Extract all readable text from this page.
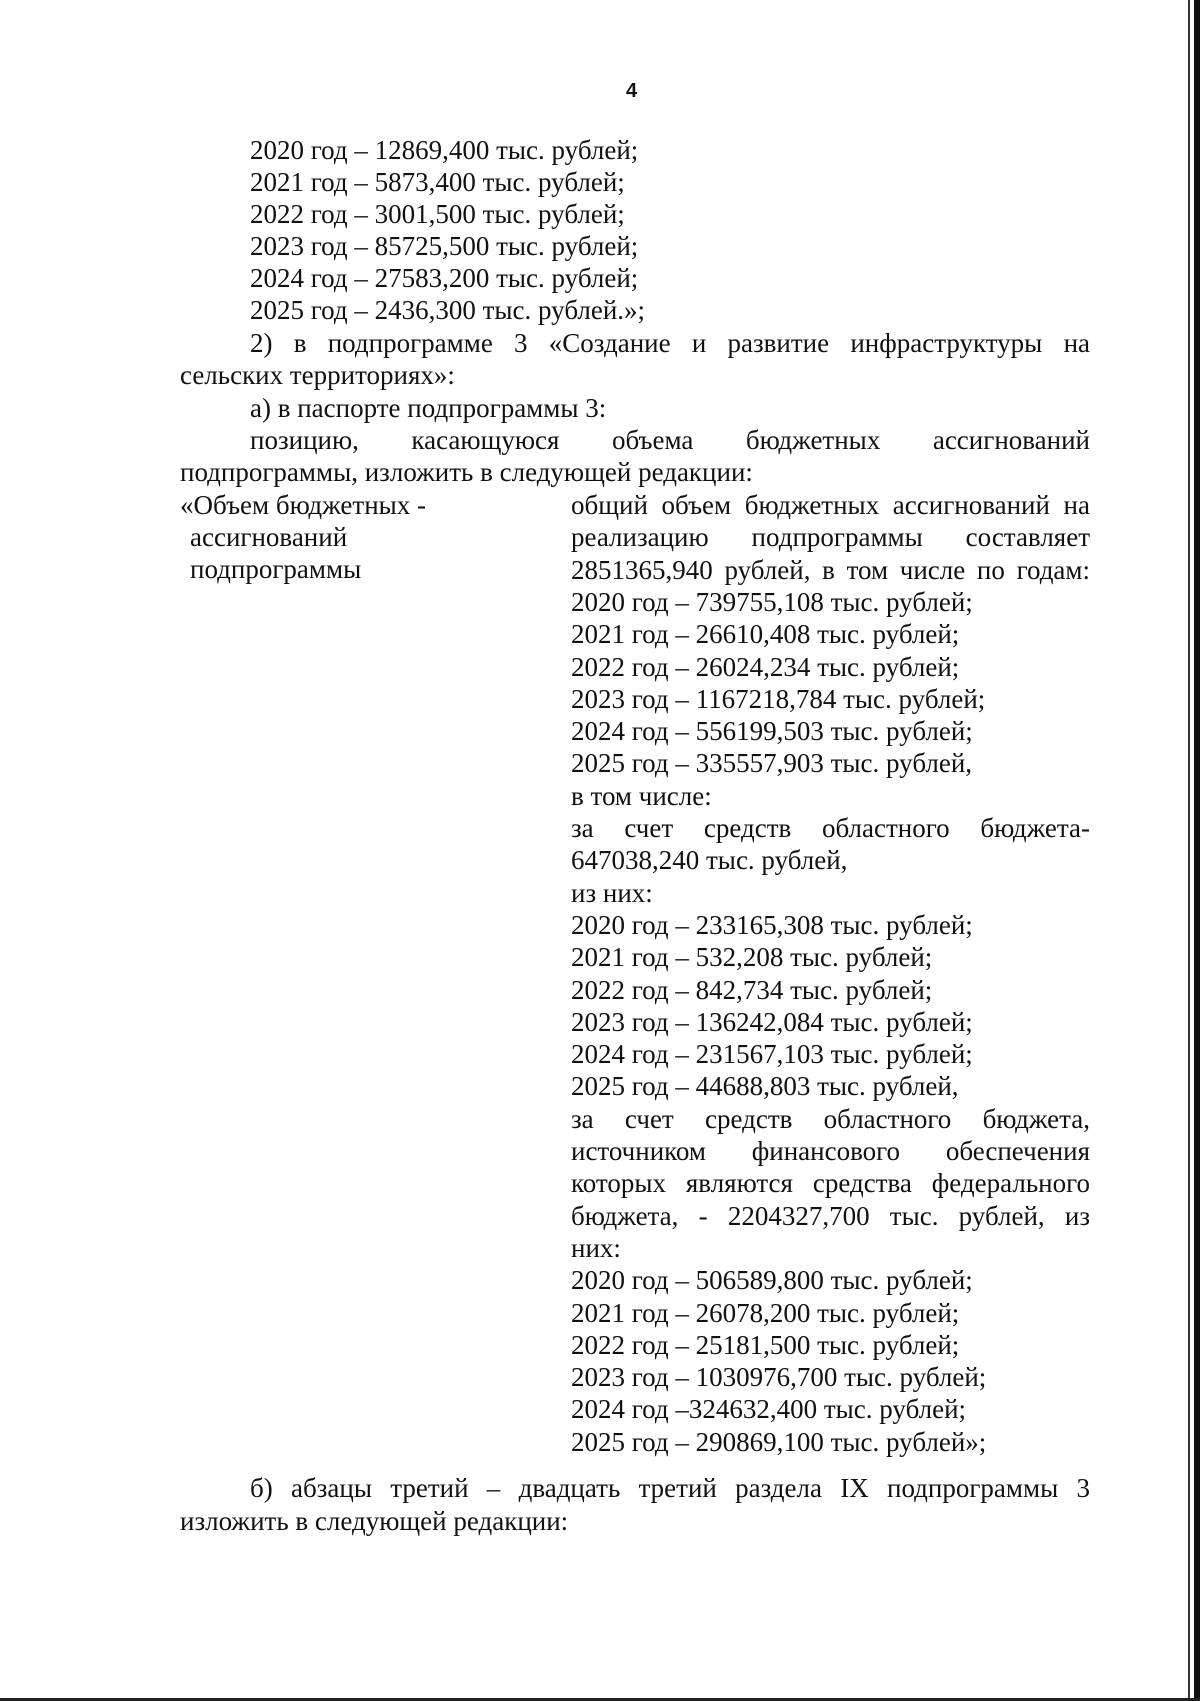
4
2020 год – 12869,400 тыс. рублей;
2021 год – 5873,400 тыс. рублей;
2022 год – 3001,500 тыс. рублей;
2023 год – 85725,500 тыс. рублей;
2024 год – 27583,200 тыс. рублей;
2025 год – 2436,300 тыс. рублей.»;
2) в подпрограмме 3 «Создание и развитие инфраструктуры на
сельских территориях»:
а) в паспорте подпрограммы 3:
позицию, касающуюся объема бюджетных ассигнований
подпрограммы, изложить в следующей редакции:
«Объем бюджетных -
ассигнований
подпрограммы
общий объем бюджетных ассигнований на
реализацию подпрограммы составляет
2851365,940 рублей, в том числе по годам:
2020 год – 739755,108 тыс. рублей;
2021 год – 26610,408 тыс. рублей;
2022 год – 26024,234 тыс. рублей;
2023 год – 1167218,784 тыс. рублей;
2024 год – 556199,503 тыс. рублей;
2025 год – 335557,903 тыс. рублей,
в том числе:
за счет средств областного бюджета-
647038,240 тыс. рублей,
из них:
2020 год – 233165,308 тыс. рублей;
2021 год – 532,208 тыс. рублей;
2022 год – 842,734 тыс. рублей;
2023 год – 136242,084 тыс. рублей;
2024 год – 231567,103 тыс. рублей;
2025 год – 44688,803 тыс. рублей,
за счет средств областного бюджета,
источником финансового обеспечения
которых являются средства федерального
бюджета, - 2204327,700 тыс. рублей, из
них:
2020 год – 506589,800 тыс. рублей;
2021 год – 26078,200 тыс. рублей;
2022 год – 25181,500 тыс. рублей;
2023 год – 1030976,700 тыс. рублей;
2024 год –324632,400 тыс. рублей;
2025 год – 290869,100 тыс. рублей»;
б) абзацы третий – двадцать третий раздела IX подпрограммы 3
изложить в следующей редакции:
